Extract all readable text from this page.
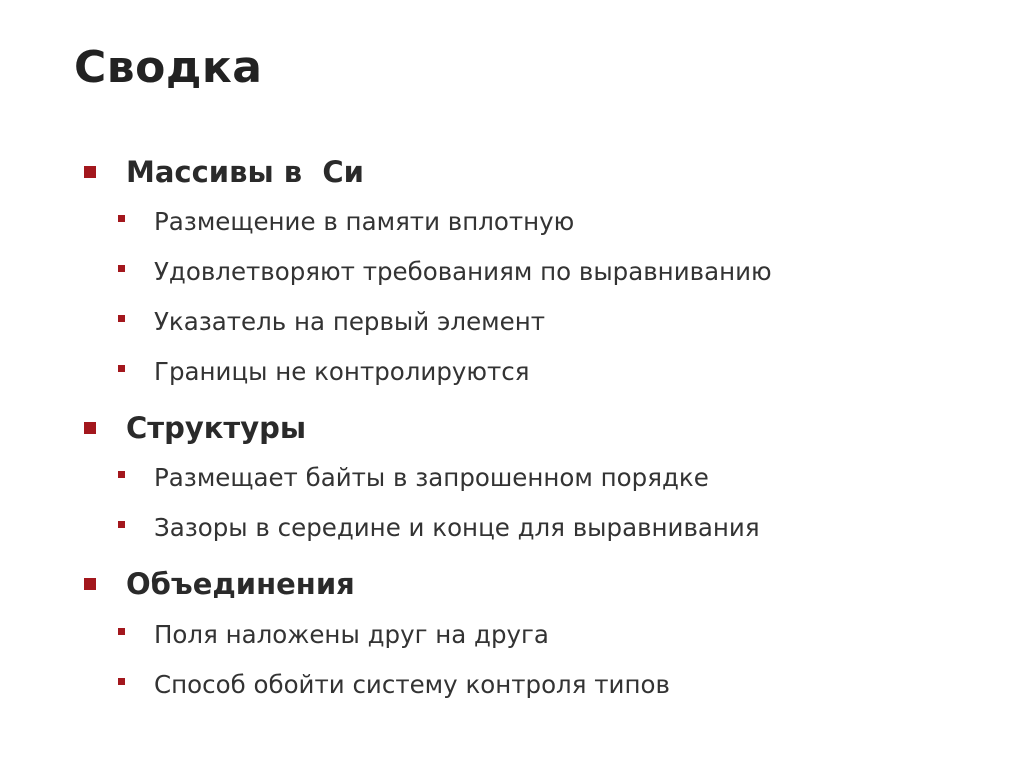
Сводка
Массивы в  Си
Размещение в памяти вплотную
Удовлетворяют требованиям по выравниванию
Указатель на первый элемент
Границы не контролируются
Структуры
Размещает байты в запрошенном порядке
Зазоры в середине и конце для выравнивания
Объединения
Поля наложены друг на друга
Способ обойти систему контроля типов
